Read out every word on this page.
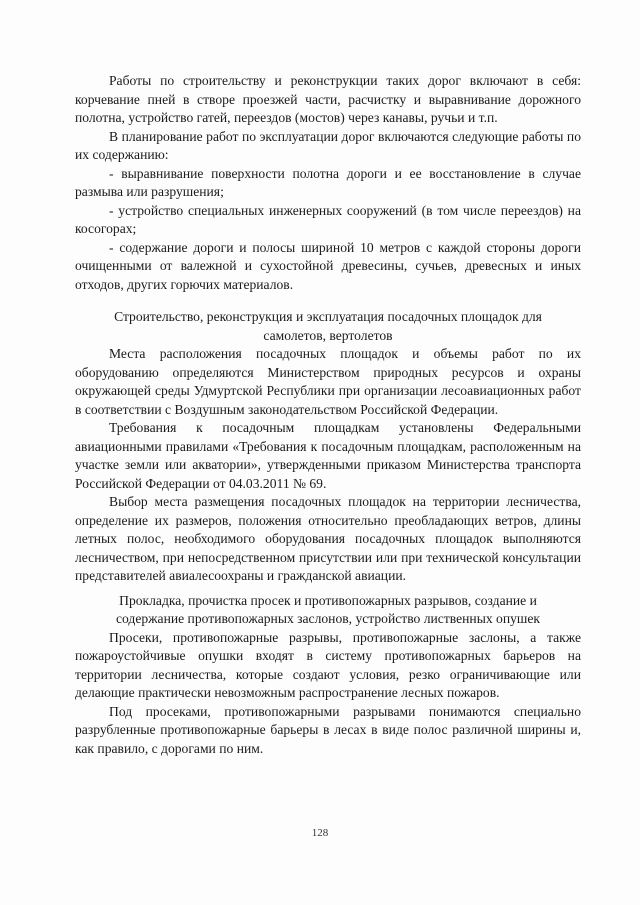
Работы по строительству и реконструкции таких дорог включают в себя: корчевание пней в створе проезжей части, расчистку и выравнивание дорожного полотна, устройство гатей, переездов (мостов) через канавы, ручьи и т.п.

В планирование работ по эксплуатации дорог включаются следующие работы по их содержанию:

- выравнивание поверхности полотна дороги и ее восстановление в случае размыва или разрушения;

- устройство специальных инженерных сооружений (в том числе переездов) на косогорах;

- содержание дороги и полосы шириной 10 метров с каждой стороны дороги очищенными от валежной и сухостойной древесины, сучьев, древесных и иных отходов, других горючих материалов.

Строительство, реконструкция и эксплуатация посадочных площадок для самолетов, вертолетов

Места расположения посадочных площадок и объемы работ по их оборудованию определяются Министерством природных ресурсов и охраны окружающей среды Удмуртской Республики при организации лесоавиационных работ в соответствии с Воздушным законодательством Российской Федерации.

Требования к посадочным площадкам установлены Федеральными авиационными правилами «Требования к посадочным площадкам, расположенным на участке земли или акватории», утвержденными приказом Министерства транспорта Российской Федерации от 04.03.2011 № 69.

Выбор места размещения посадочных площадок на территории лесничества, определение их размеров, положения относительно преобладающих ветров, длины летных полос, необходимого оборудования посадочных площадок выполняются лесничеством, при непосредственном присутствии или при технической консультации представителей авиалесоохраны и гражданской авиации.

Прокладка, прочистка просек и противопожарных разрывов, создание и содержание противопожарных заслонов, устройство лиственных опушек

Просеки, противопожарные разрывы, противопожарные заслоны, а также пожароустойчивые опушки входят в систему противопожарных барьеров на территории лесничества, которые создают условия, резко ограничивающие или делающие практически невозможным распространение лесных пожаров.

Под просеками, противопожарными разрывами понимаются специально разрубленные противопожарные барьеры в лесах в виде полос различной ширины и, как правило, с дорогами по ним.

128
